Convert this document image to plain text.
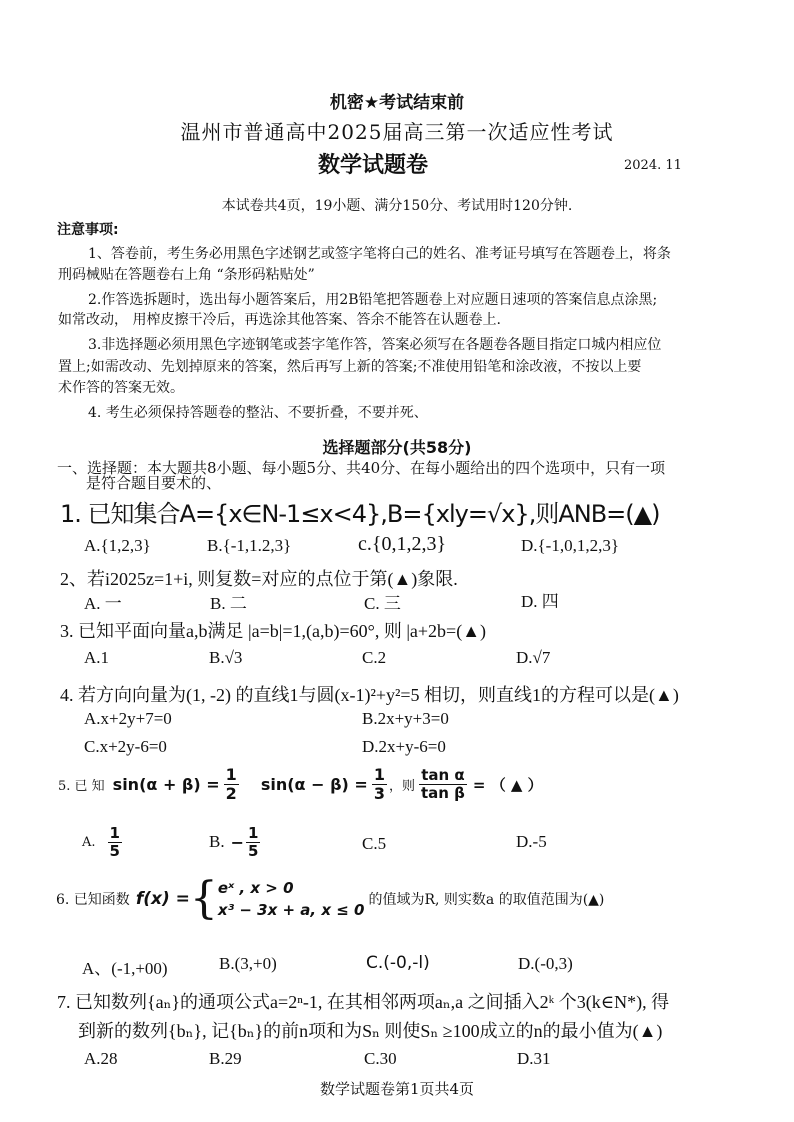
机密★考试结束前
温州市普通高中2025届高三第一次适应性考试
数学试题卷	2024. 11
本试卷共4页，19小题、满分150分、考试用时120分钟.
注意事项:
1、答卷前，考生务必用黑色字述钢艺或签字笔将白己的姓名、准考证号填写在答题卷上，将条
刑码械贴在答题卷右上角 “条形码粘贴处”
2.作答选拆题时，选出每小题答案后，用2B铅笔把答题卷上对应题日速项的答案信息点涂黑;
如常改动， 用榨皮擦干冷后，再选涂其他答案、答余不能答在认题卷上.
3.非选择题必须用黑色字迹钢笔或荟字笔作答，答案必须写在各题卷各题目指定口城内相应位
置上;如需改动、先划掉原来的答案，然后再写上新的答案;不准使用铅笔和涂改液，不按以上要
术作答的答案无效。
4. 考生必须保持答题卷的整沾、不要折叠，不要并死、
选择题部分(共58分)
一、选择题：本大题共8小题、每小题5分、共40分、在每小题给出的四个选项中，只有一项
是符合题目要术的、
1. 已知集合A={x∈N-1≤x<4},B={xly=√x},则ANB=(▲)
A.{1,2,3}	B.{-1,1.2,3}	c.{0,1,2,3}	D.{-1,0,1,2,3}
2、若i2025z=1+i, 则复数=对应的点位于第(▲)象限.
A. 一	B. 二	C. 三	D. 四
3. 已知平面向量a,b满足 |a=b|=1,(a,b)=60°, 则 |a+2b=(▲)
A.1	B.√3	C.2	D.√7
4. 若方向向量为(1, -2) 的直线1与圆(x-1)²+y²=5 相切，则直线1的方程可以是(▲)
A.x+2y+7=0	B.2x+y+3=0
C.x+2y-6=0	D.2x+y-6=0
5. 已 知 $\sin(\alpha + \beta) = \frac{1}{2} \sin(\alpha - \beta) = \frac{1}{3}$ ，则 $\frac{\text{tan α}}{\text{tan β}}$ = （ ▲ ）
A. $\frac{1}{5}$	B. − $\frac{1}{5}$	C.5	D.-5
6. 已知函数 f(x) = { eˣ , x > 0
x³ − 3x + a, x ≤ 0
的值域为R, 则实数a 的取值范围为(▲)
A、(-1,+00)	B.(3,+0)	C.(-0,-l)	D.(-0,3)
7. 已知数列{aₙ}的通项公式a=2ⁿ-1, 在其相邻两项aₙ,a 之间插入2ᵏ 个3(k∈N*), 得
到新的数列{bₙ}, 记{bₙ}的前n项和为Sₙ 则使Sₙ ≥100成立的n的最小值为(▲)
A.28	B.29	C.30	D.31
数学试题卷第1页共4页
